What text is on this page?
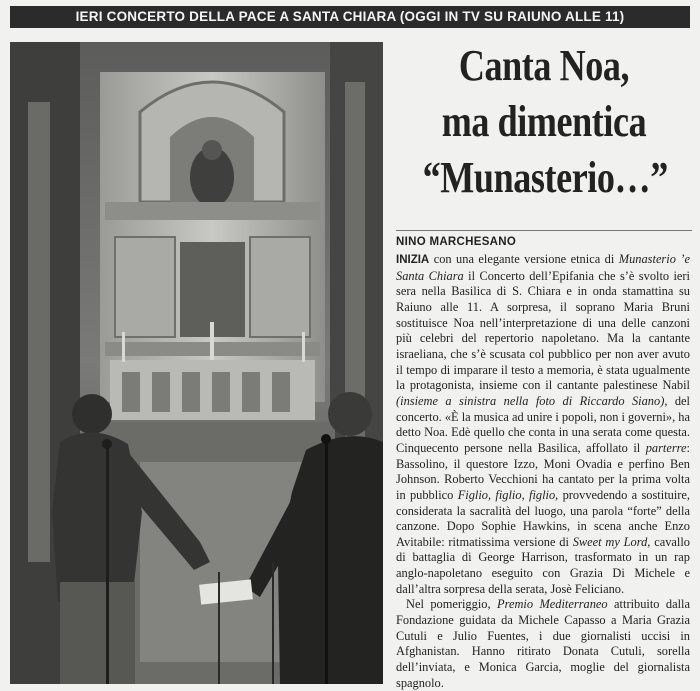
IERI CONCERTO DELLA PACE A SANTA CHIARA (OGGI IN TV SU RAIUNO ALLE 11)
Canta Noa,
ma dimentica
“Munasterio…”
NINO MARCHESANO

INIZIA con una elegante versione etnica di Munasterio ’e Santa Chiara il Concerto dell’Epifania che s’è svolto ieri sera nella Basilica di S. Chiara e in onda stamattina su Raiuno alle 11. A sorpresa, il soprano Maria Bruni sostituisce Noa nell’interpretazione di una delle canzoni più celebri del repertorio napoletano. Ma la cantante israeliana, che s’è scusata col pubblico per non aver avuto il tempo di imparare il testo a memoria, è stata ugualmente la protagonista, insieme con il cantante palestinese Nabil (insieme a sinistra nella foto di Riccardo Siano), del concerto. «È la musica ad unire i popoli, non i governi», ha detto Noa. Edè quello che conta in una serata come questa. Cinquecento persone nella Basilica, affollato il parterre: Bassolino, il questore Izzo, Moni Ovadia e perfino Ben Johnson. Roberto Vecchioni ha cantato per la prima volta in pubblico Figlio, figlio, figlio, provvedendo a sostituire, considerata la sacralità del luogo, una parola “forte” della canzone. Dopo Sophie Hawkins, in scena anche Enzo Avitabile: ritmatissima versione di Sweet my Lord, cavallo di battaglia di George Harrison, trasformato in un rap anglo-napoletano eseguito con Grazia Di Michele e dall’altra sorpresa della serata, Josè Feliciano.

Nel pomeriggio, Premio Mediterraneo attribuito dalla Fondazione guidata da Michele Capasso a Maria Grazia Cutuli e Julio Fuentes, i due giornalisti uccisi in Afghanistan. Hanno ritirato Donata Cutuli, sorella dell’inviata, e Monica Garcia, moglie del giornalista spagnolo.
